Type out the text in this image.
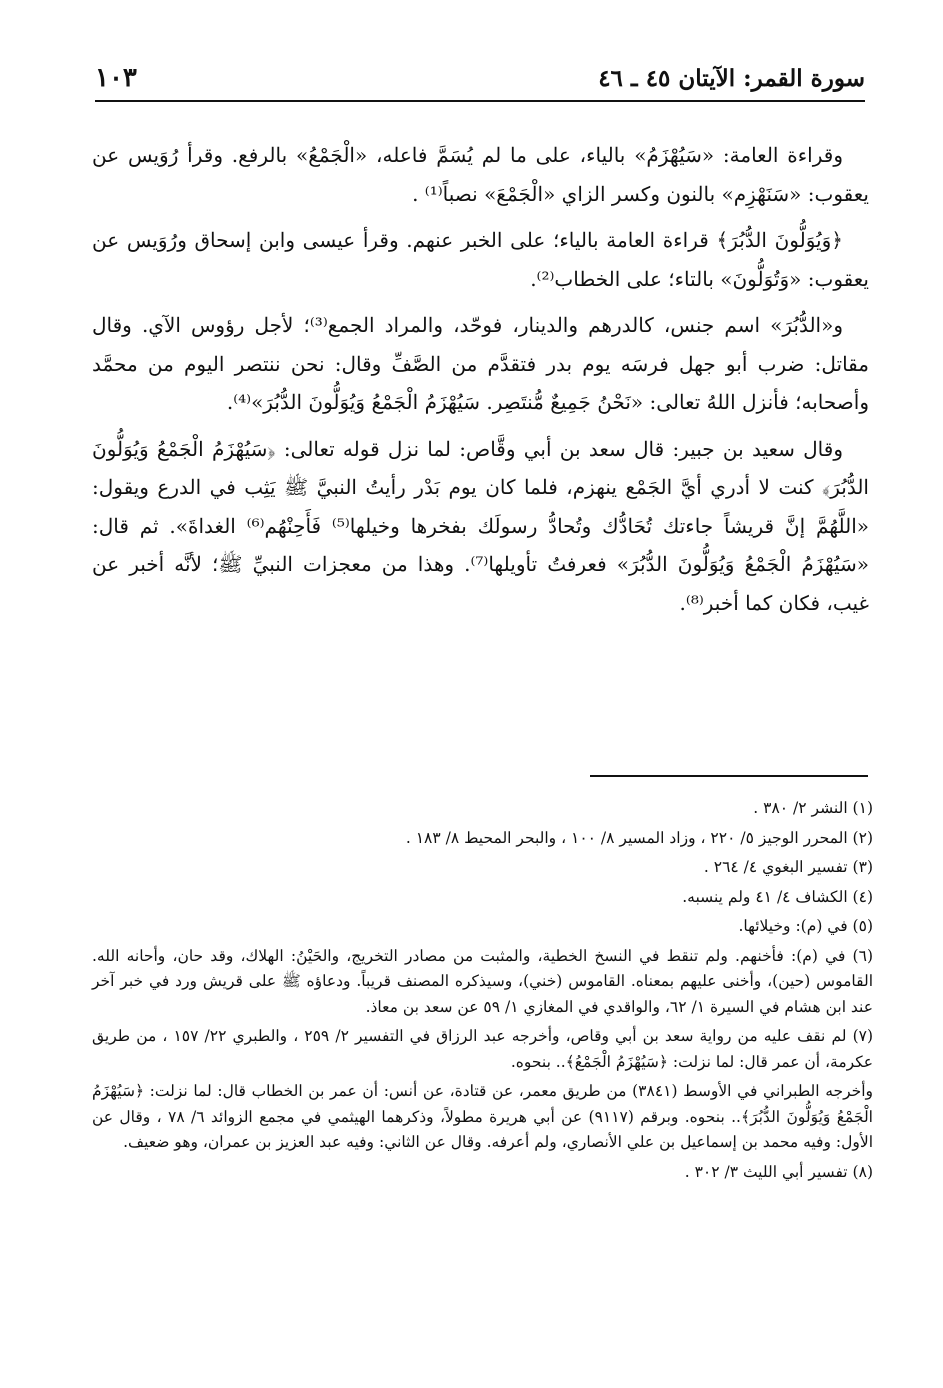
سورة القمر: الآيتان ٤٥ ـ ٤٦
١٠٣

وقراءة العامة: «سَيُهْزَمُ» بالياء، على ما لم يُسَمَّ فاعله، «الْجَمْعُ» بالرفع. وقرأ رُوَيس عن يعقوب: «سَنَهْزِم» بالنون وكسر الزاي «الْجَمْعَ» نصباً⁽¹⁾ .

﴿وَيُوَلُّونَ الدُّبُرَ﴾ قراءة العامة بالياء؛ على الخبر عنهم. وقرأ عيسى وابن إسحاق ورُوَيس عن يعقوب: «وَتُوَلُّونَ» بالتاء؛ على الخطاب⁽²⁾.

و«الدُّبُرَ» اسم جنس، كالدرهم والدينار، فوحّد، والمراد الجمع⁽³⁾؛ لأجل رؤوس الآي. وقال مقاتل: ضرب أبو جهل فرسَه يوم بدر فتقدَّم من الصَّفِّ وقال: نحن ننتصر اليوم من محمَّد وأصحابه؛ فأنزل اللهُ تعالى: «نَحْنُ جَمِيعٌ مُّنتَصِر. سَيُهْزَمُ الْجَمْعُ وَيُوَلُّونَ الدُّبُرَ»⁽⁴⁾.

وقال سعيد بن جبير: قال سعد بن أبي وقَّاص: لما نزل قوله تعالى: ﴿سَيُهْزَمُ الْجَمْعُ وَيُوَلُّونَ الدُّبُرَ﴾ كنت لا أدري أيَّ الجَمْع ينهزم، فلما كان يوم بَدْر رأيتُ النبيَّ ﷺ يَثِب في الدرع ويقول: «اللَّهُمَّ إنَّ قريشاً جاءتك تُحَادُّك وتُحادُّ رسولَك بفخرها وخيلها⁽⁵⁾ فَأَحِنْهُم⁽⁶⁾ الغداةَ». ثم قال: «سَيُهْزَمُ الْجَمْعُ وَيُوَلُّونَ الدُّبُرَ» فعرفتُ تأويلها⁽⁷⁾. وهذا من معجزات النبيِّ ﷺ؛ لأنَّه أخبر عن غيب، فكان كما أخبر⁽⁸⁾.

(١) النشر ٢/ ٣٨٠ .
(٢) المحرر الوجيز ٥/ ٢٢٠ ، وزاد المسير ٨/ ١٠٠ ، والبحر المحيط ٨/ ١٨٣ .
(٣) تفسير البغوي ٤/ ٢٦٤ .
(٤) الكشاف ٤/ ٤١ ولم ينسبه.
(٥) في (م): وخيلائها.
(٦) في (م): فأخنهم. ولم تنقط في النسخ الخطية، والمثبت من مصادر التخريج، والحَيْنُ: الهلاك، وقد حان، وأحانه الله. القاموس (حين)، وأخنى عليهم بمعناه. القاموس (خني)، وسيذكره المصنف قريباً. ودعاؤه ﷺ على قريش ورد في خبر آخر عند ابن هشام في السيرة ١/ ٦٢، والواقدي في المغازي ١/ ٥٩ عن سعد بن معاذ.
(٧) لم نقف عليه من رواية سعد بن أبي وقاص، وأخرجه عبد الرزاق في التفسير ٢/ ٢٥٩ ، والطبري ٢٢/ ١٥٧ ، من طريق عكرمة، أن عمر قال: لما نزلت: ﴿سَيُهْزَمُ الْجَمْعُ﴾.. بنحوه.
وأخرجه الطبراني في الأوسط (٣٨٤١) من طريق معمر، عن قتادة، عن أنس: أن عمر بن الخطاب قال: لما نزلت: ﴿سَيُهْزَمُ الْجَمْعُ وَيُوَلُّونَ الدُّبُرَ﴾.. بنحوه. وبرقم (٩١١٧) عن أبي هريرة مطولاً، وذكرهما الهيثمي في مجمع الزوائد ٦/ ٧٨ ، وقال عن الأول: وفيه محمد بن إسماعيل بن علي الأنصاري، ولم أعرفه. وقال عن الثاني: وفيه عبد العزيز بن عمران، وهو ضعيف.
(٨) تفسير أبي الليث ٣/ ٣٠٢ .
